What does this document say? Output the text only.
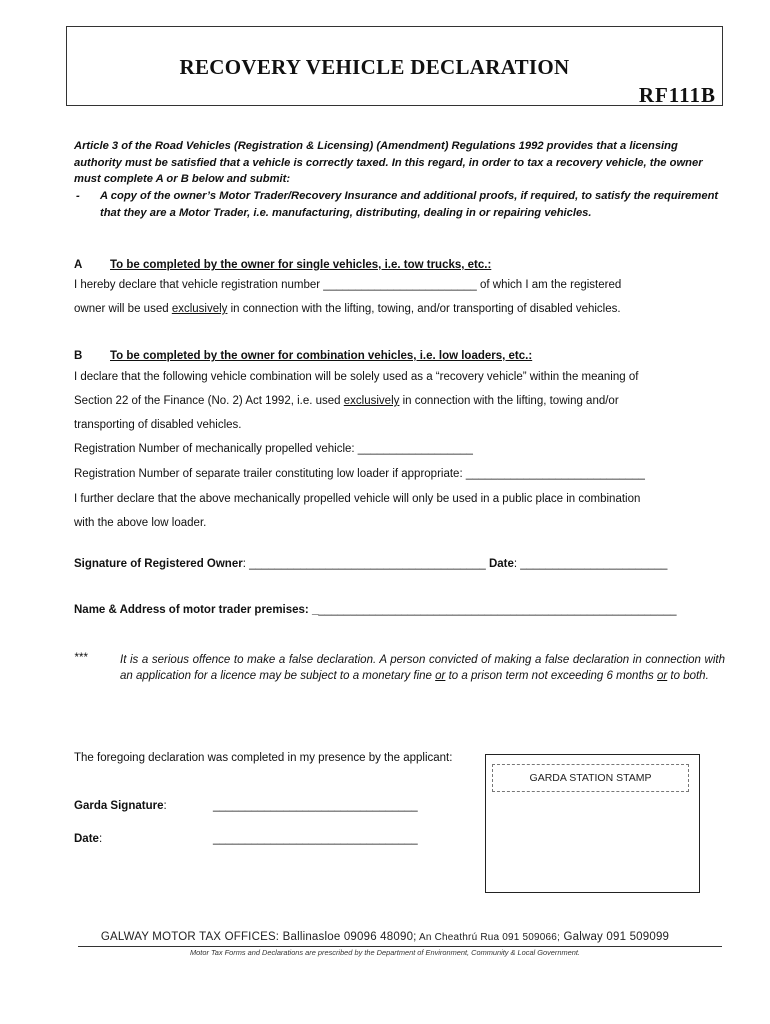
RECOVERY VEHICLE DECLARATION
RF111B
Article 3 of the Road Vehicles (Registration & Licensing) (Amendment) Regulations 1992 provides that a licensing authority must be satisfied that a vehicle is correctly taxed. In this regard, in order to tax a recovery vehicle, the owner must complete A or B below and submit:
- A copy of the owner’s Motor Trader/Recovery Insurance and additional proofs, if required, to satisfy the requirement that they are a Motor Trader, i.e. manufacturing, distributing, dealing in or repairing vehicles.
A To be completed by the owner for single vehicles, i.e. tow trucks, etc.:
I hereby declare that vehicle registration number ________________________ of which I am the registered
owner will be used exclusively in connection with the lifting, towing, and/or transporting of disabled vehicles.
B To be completed by the owner for combination vehicles, i.e. low loaders, etc.:
I declare that the following vehicle combination will be solely used as a “recovery vehicle” within the meaning of
Section 22 of the Finance (No. 2) Act 1992, i.e. used exclusively in connection with the lifting, towing and/or
transporting of disabled vehicles.
Registration Number of mechanically propelled vehicle: __________________
Registration Number of separate trailer constituting low loader if appropriate: ____________________________
I further declare that the above mechanically propelled vehicle will only be used in a public place in combination
with the above low loader.
Signature of Registered Owner: _____________________________________ Date: _______________________
Name & Address of motor trader premises: _________________________________________________________
***	It is a serious offence to make a false declaration. A person convicted of making a false declaration in connection with an application for a licence may be subject to a monetary fine or to a prison term not exceeding 6 months or to both.
The foregoing declaration was completed in my presence by the applicant:
Garda Signature:	________________________________
Date:	________________________________
GARDA STATION STAMP
GALWAY MOTOR TAX OFFICES: Ballinasloe 09096 48090; An Cheathrú Rua 091 509066; Galway 091 509099
Motor Tax Forms and Declarations are prescribed by the Department of Environment, Community & Local Government.
